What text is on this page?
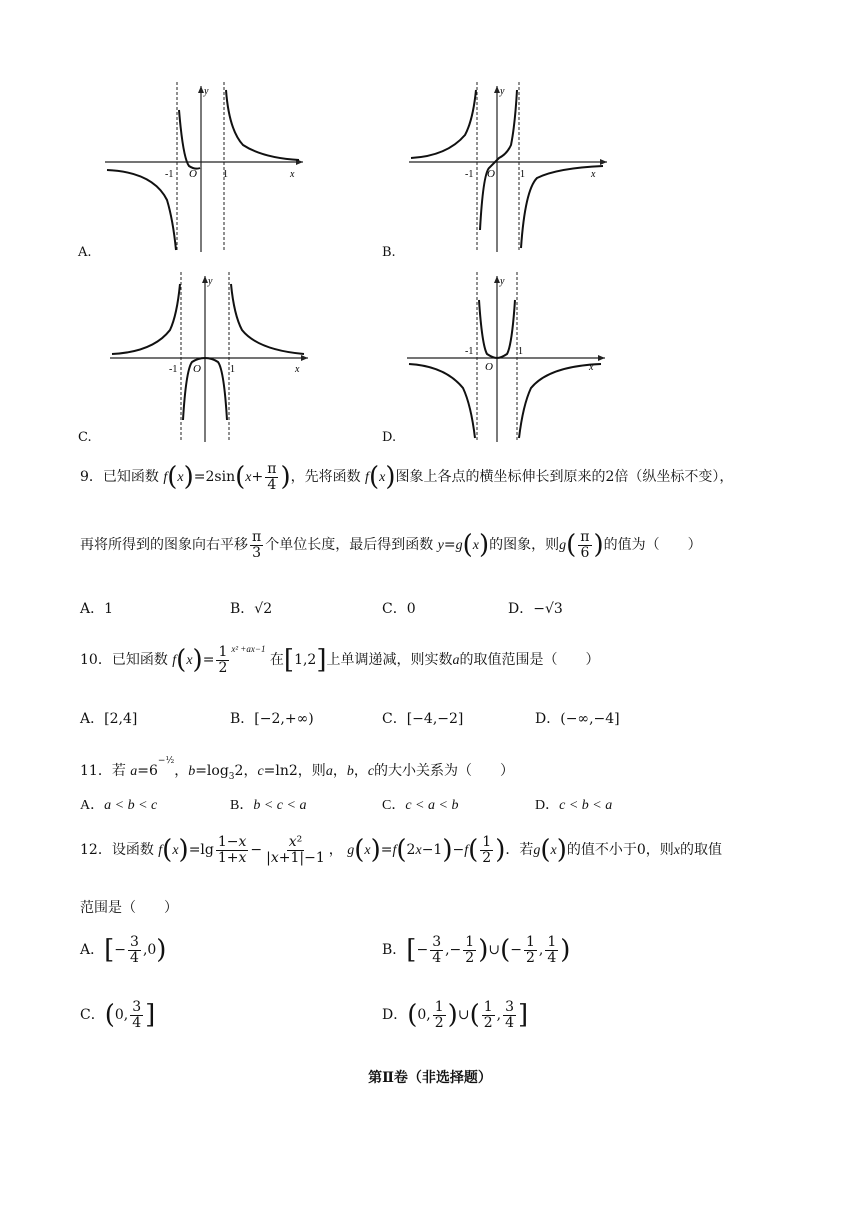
-1 O	1	x
y
A.
-1 O	1	x
y
B.
-1 O	1	x
y
C.
-1
O
1
x
y
D.
9．已知函数 $f(x)=2\sin(x+ \frac{\pi}{4}$ )，先将函数 f(x)图象上各点的横坐标伸长到原来的2倍（纵坐标不变），
再将所得到的图象向右平移 $\frac{\pi}{3}$ 个单位长度，最后得到函数 y=g(x)的图象，则$g( \frac{\pi}{6}$ )的值为（　　）
A．1	B．√2	C．0	D．−√3
10．已知函数 $f(x)= \frac{1}{2} ^{x^2 +ax-1}$ 在[1,2]上单调递减，则实数a的取值范围是（　　）
A．[2,4]	B．[−2,+∞)	C．[−4,−2]	D．(−∞,−4]
11．若 $a=6^{-\frac{1}{2}}$，$b=\log_32$，c=ln2，则a，b，c的大小关系为（　　）
A．a < b < c	B．b < c < a	C．c < a < b	D．c < b < a
12．设函数 $f(x)=\lg \frac{1-x}{1+x} - \frac{\text{x²}}{|x+1|-1}$ ， $g(x)=f(2x-1)-f( \frac{1}{2}$ )．若g(x)的值不小于0，则x的取值
范围是（　　）
A．[− $\frac{3}{4} ,0$)	B．[− $\frac{3}{4}$ ,− $\frac{1}{2}$ )∪(− $\frac{1}{2}$ , $\frac{1}{4}$ )
C．(0, $\frac{3}{4}$ ]	D．(0, $\frac{1}{2}$ )∪( $\frac{1}{2}$ , $\frac{3}{4}$ ]
第Ⅱ卷（非选择题）
